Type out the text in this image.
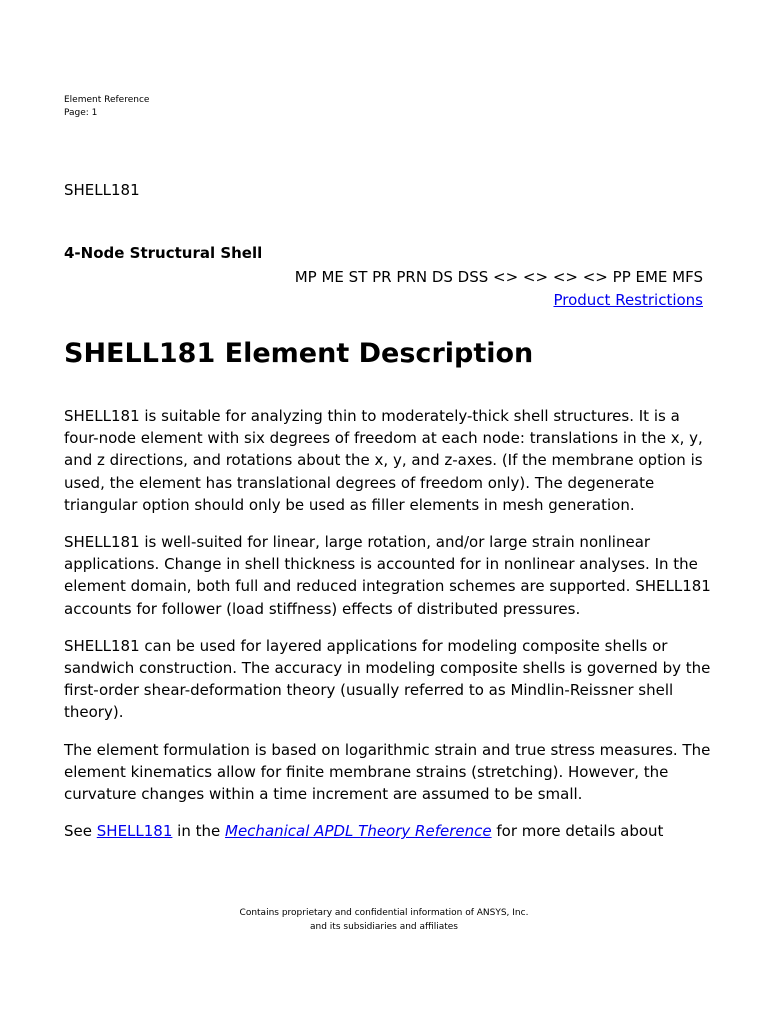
Element Reference
Page: 1
SHELL181
4-Node Structural Shell
MP ME ST PR PRN DS DSS <> <> <> <> PP EME MFS
Product Restrictions
SHELL181 Element Description

SHELL181 is suitable for analyzing thin to moderately-thick shell structures. It is a four-node element with six degrees of freedom at each node: translations in the x, y, and z directions, and rotations about the x, y, and z-axes. (If the membrane option is used, the element has translational degrees of freedom only). The degenerate triangular option should only be used as filler elements in mesh generation.

SHELL181 is well-suited for linear, large rotation, and/or large strain nonlinear applications. Change in shell thickness is accounted for in nonlinear analyses. In the element domain, both full and reduced integration schemes are supported. SHELL181 accounts for follower (load stiffness) effects of distributed pressures.

SHELL181 can be used for layered applications for modeling composite shells or sandwich construction. The accuracy in modeling composite shells is governed by the first-order shear-deformation theory (usually referred to as Mindlin-Reissner shell theory).

The element formulation is based on logarithmic strain and true stress measures. The element kinematics allow for finite membrane strains (stretching). However, the curvature changes within a time increment are assumed to be small.

See SHELL181 in the Mechanical APDL Theory Reference for more details about

Contains proprietary and confidential information of ANSYS, Inc.
and its subsidiaries and affiliates
